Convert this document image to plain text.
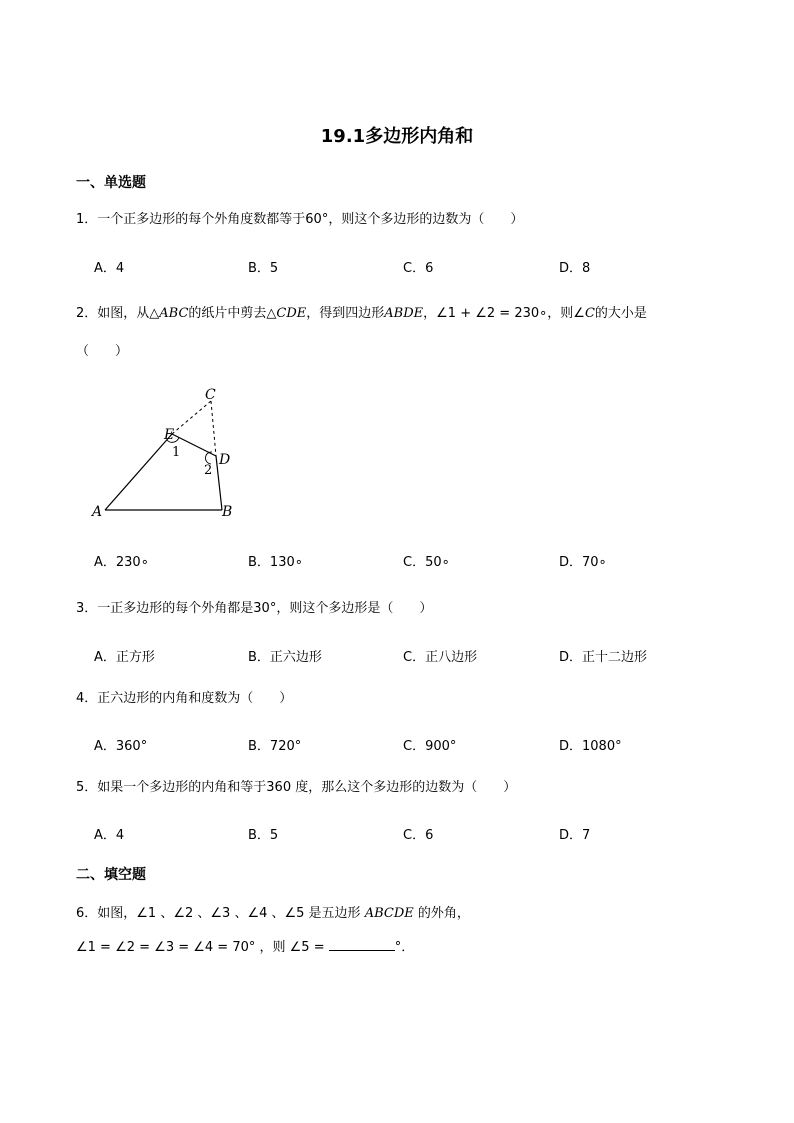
19.1多边形内角和
一、单选题
1．一个正多边形的每个外角度数都等于60°，则这个多边形的边数为（　　）
A．4	B．5	C．6	D．8
2．如图，从△ABC的纸片中剪去△CDE，得到四边形ABDE，∠1 + ∠2 = 230∘，则∠C的大小是
（　　）
A	B
C
D
E
1
2
A．230∘	B．130∘	C．50∘	D．70∘
3．一正多边形的每个外角都是30°，则这个多边形是（　　）
A．正方形	B．正六边形	C．正八边形	D．正十二边形
4．正六边形的内角和度数为（　　）
A．360°	B．720°	C．900°	D．1080°
5．如果一个多边形的内角和等于360 度，那么这个多边形的边数为（　　）
A．4	B．5	C．6	D．7
二、填空题
6．如图，∠1 、∠2 、∠3 、∠4 、∠5 是五边形 ABCDE 的外角，
∠1 = ∠2 = ∠3 = ∠4 = 70° ，则 ∠5 =	°．
